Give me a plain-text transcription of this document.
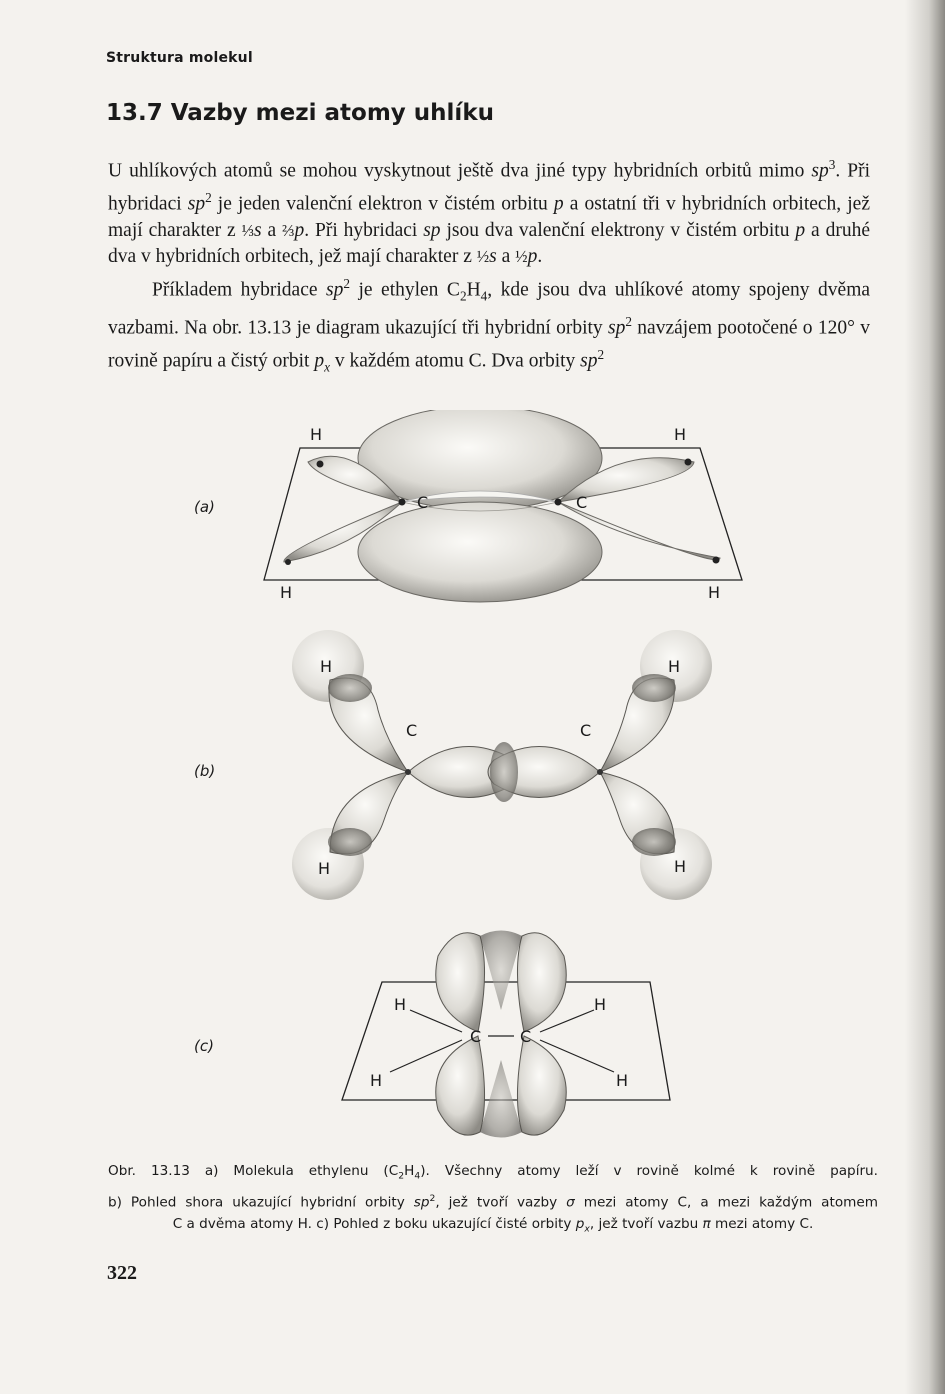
Struktura molekul
13.7 Vazby mezi atomy uhlíku

U uhlíkových atomů se mohou vyskytnout ještě dva jiné typy hybridních orbitů mimo $sp^3$. Při hybridaci $sp^2$ je jeden valenční elektron v čistém orbitu p a ostatní tři v hybridních orbitech, jež mají charakter z ⅓s a ⅔p. Při hybridaci sp jsou dva valenční elektrony v čistém orbitu p a druhé dva v hybridních orbitech, jež mají charakter z ½s a ½p.

Příkladem hybridace $sp^2$ je ethylen $C_2H_4$, kde jsou dva uhlíkové atomy spojeny dvěma vazbami. Na obr. 13.13 je diagram ukazující tři hybridní orbity $sp^2$ navzájem pootočené o 120° v rovině papíru a čistý orbit $p_x$ v každém atomu C. Dva orbity $sp^2$

(a)
(b)
(c)
H	H
H	H
C	C
H
H
H
H
C	C
H
H
H
H
C C
Obr. 13.13 a) Molekula ethylenu $(C_2H_4)$. Všechny atomy leží v rovině kolmé k rovině papíru.
b) Pohled shora ukazující hybridní orbity $sp^2$, jež tvoří vazby σ mezi atomy C, a mezi každým atomem
C a dvěma atomy H. c) Pohled z boku ukazující čisté orbity $p_x$, jež tvoří vazbu π mezi atomy C.
322
